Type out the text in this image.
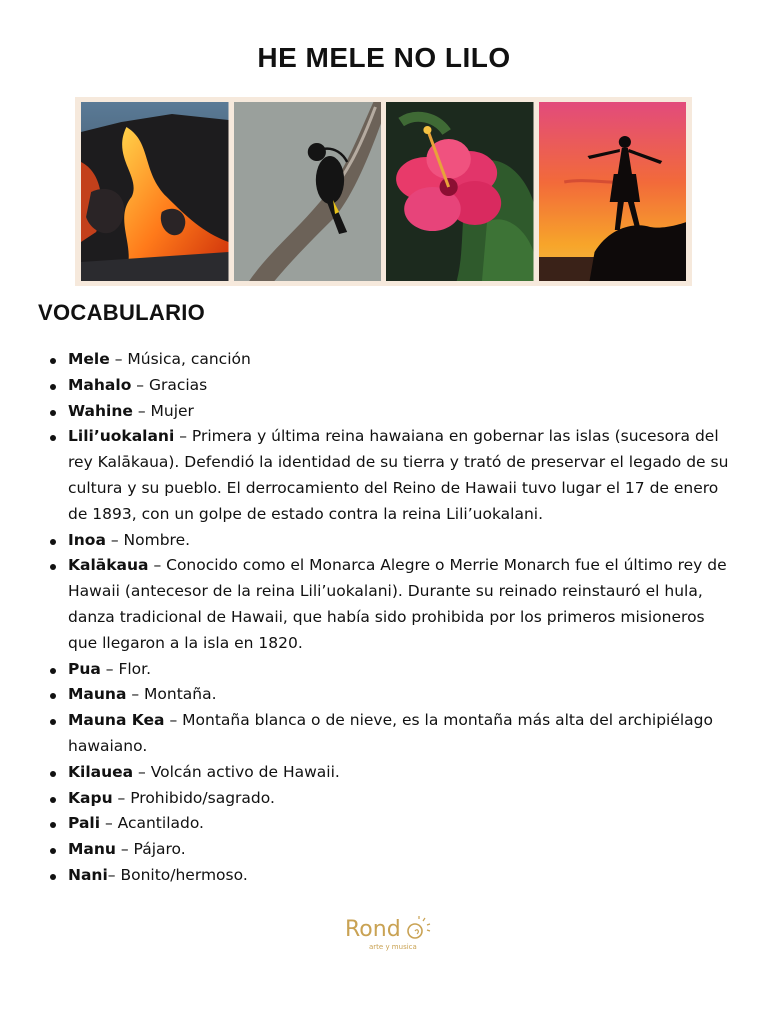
HE MELE NO LILO
VOCABULARIO
Mele – Música, canción
Mahalo – Gracias
Wahine – Mujer
Lili’uokalani – Primera y última reina hawaiana en gobernar las islas (sucesora del rey Kalākaua). Defendió la identidad de su tierra y trató de preservar el legado de su cultura y su pueblo. El derrocamiento del Reino de Hawaii tuvo lugar el 17 de enero de 1893, con un golpe de estado contra la reina Lili’uokalani.
Inoa – Nombre.
Kalākaua – Conocido como el Monarca Alegre o Merrie Monarch fue el último rey de Hawaii (antecesor de la reina Lili’uokalani). Durante su reinado reinstauró el hula, danza tradicional de Hawaii, que había sido prohibida por los primeros misioneros que llegaron a la isla en 1820.
Pua – Flor.
Mauna – Montaña.
Mauna Kea – Montaña blanca o de nieve, es la montaña más alta del archipiélago hawaiano.
Kilauea – Volcán activo de Hawaii.
Kapu – Prohibido/sagrado.
Pali – Acantilado.
Manu – Pájaro.
Nani– Bonito/hermoso.
Rond
arte y musica
